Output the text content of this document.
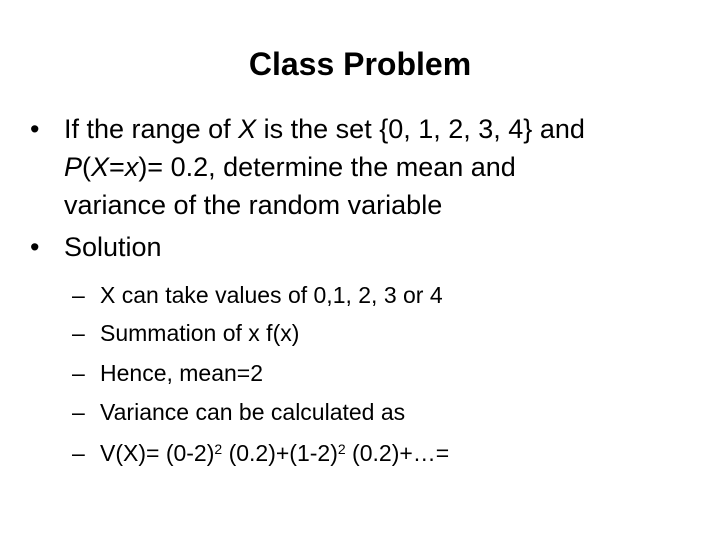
Class Problem
• If the range of X is the set {0, 1, 2, 3, 4} and
P(X=x)= 0.2, determine the mean and
variance of the random variable
• Solution
– X can take values of 0,1, 2, 3 or 4
– Summation of x f(x)
– Hence, mean=2
– Variance can be calculated as
– $V(X)= (0-2)^2$ $(0.2)+(1-2)^2$ (0.2)+…=
